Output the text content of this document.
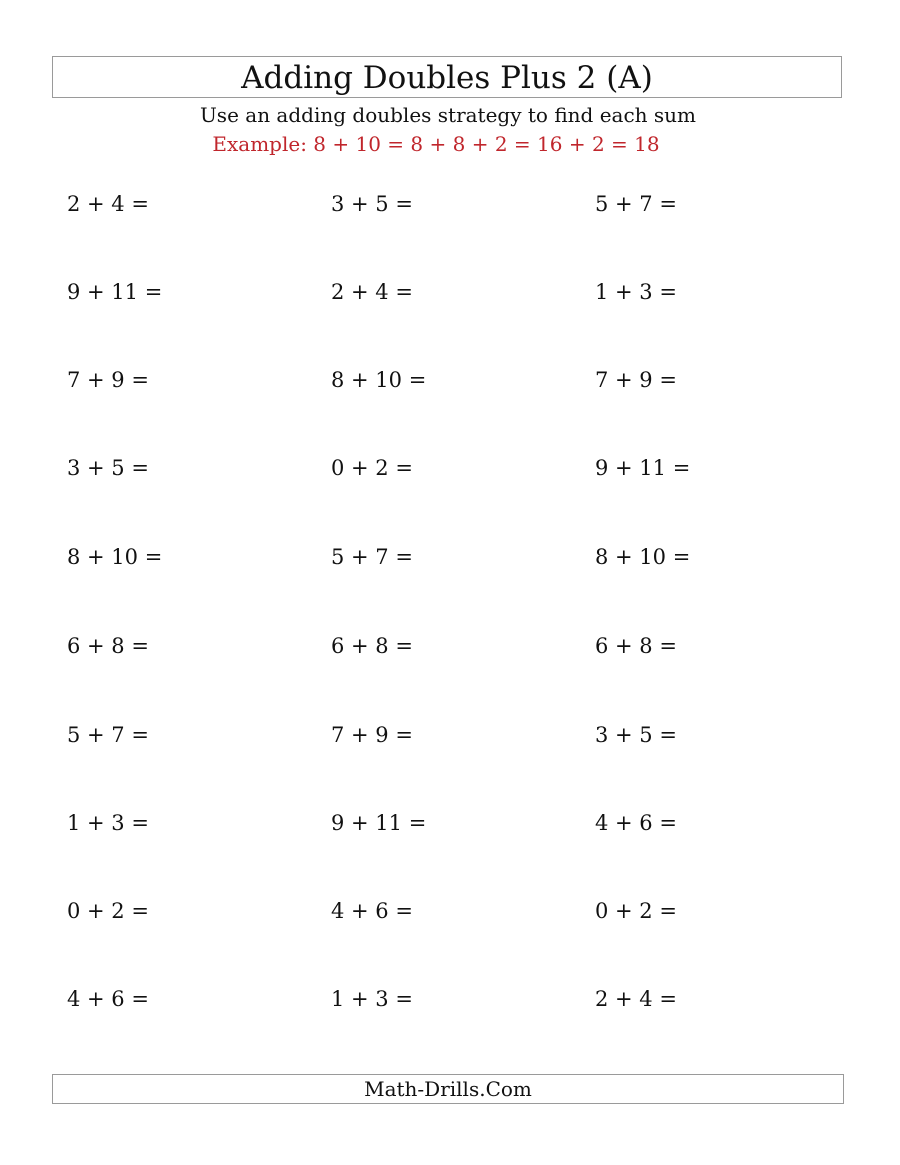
Adding Doubles Plus 2 (A)
Use an adding doubles strategy to find each sum
Example: 8 + 10 = 8 + 8 + 2 = 16 + 2 = 18
2 + 4 =	3 + 5 =	5 + 7 =
9 + 11 =	2 + 4 =	1 + 3 =
7 + 9 =	8 + 10 =	7 + 9 =
3 + 5 =	0 + 2 =	9 + 11 =
8 + 10 =	5 + 7 =	8 + 10 =
6 + 8 =	6 + 8 =	6 + 8 =
5 + 7 =	7 + 9 =	3 + 5 =
1 + 3 =	9 + 11 =	4 + 6 =
0 + 2 =	4 + 6 =	0 + 2 =
4 + 6 =	1 + 3 =	2 + 4 =
Math-Drills.Com
